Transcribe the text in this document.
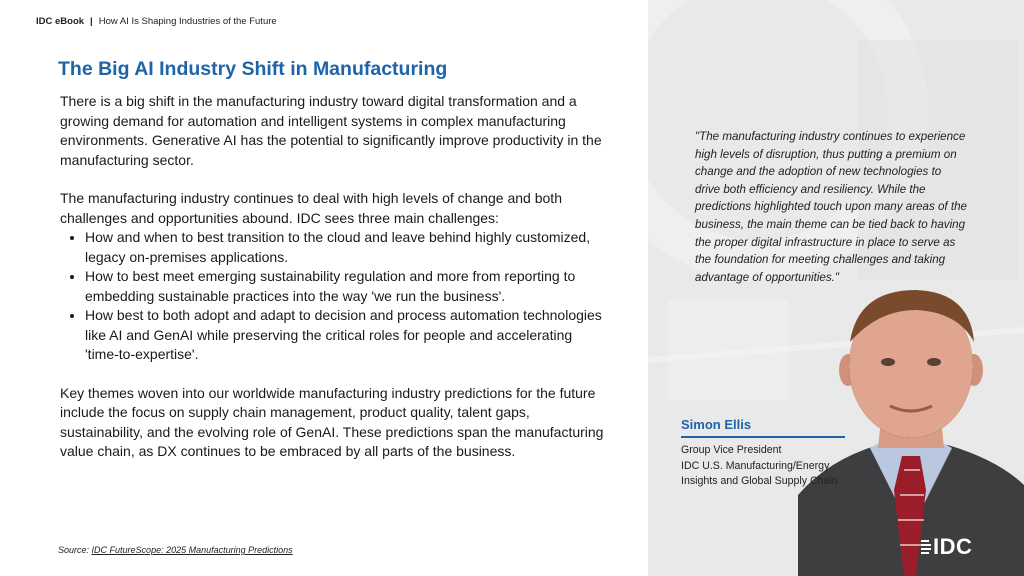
IDC eBook | How AI Is Shaping Industries of the Future
The Big AI Industry Shift in Manufacturing

There is a big shift in the manufacturing industry toward digital transformation and a growing demand for automation and intelligent systems in complex manufacturing environments. Generative AI has the potential to significantly improve productivity in the manufacturing sector.

The manufacturing industry continues to deal with high levels of change and both challenges and opportunities abound. IDC sees three main challenges:

• How and when to best transition to the cloud and leave behind highly customized, legacy on-premises applications.
• How to best meet emerging sustainability regulation and more from reporting to embedding sustainable practices into the way 'we run the business'.
• How best to both adopt and adapt to decision and process automation technologies like AI and GenAI while preserving the critical roles for people and accelerating 'time-to-expertise'.

Key themes woven into our worldwide manufacturing industry predictions for the future include the focus on supply chain management, product quality, talent gaps, sustainability, and the evolving role of GenAI. These predictions span the manufacturing value chain, as DX continues to be embraced by all parts of the business.

Source: IDC FutureScope: 2025 Manufacturing Predictions
"The manufacturing industry continues to experience high levels of disruption, thus putting a premium on change and the adoption of new technologies to drive both efficiency and resiliency. While the predictions highlighted touch upon many areas of the business, the main theme can be tied back to having the proper digital infrastructure in place to serve as the foundation for meeting challenges and taking advantage of opportunities."
Simon Ellis
Group Vice President
IDC U.S. Manufacturing/Energy Insights and Global Supply Chain
IDC
